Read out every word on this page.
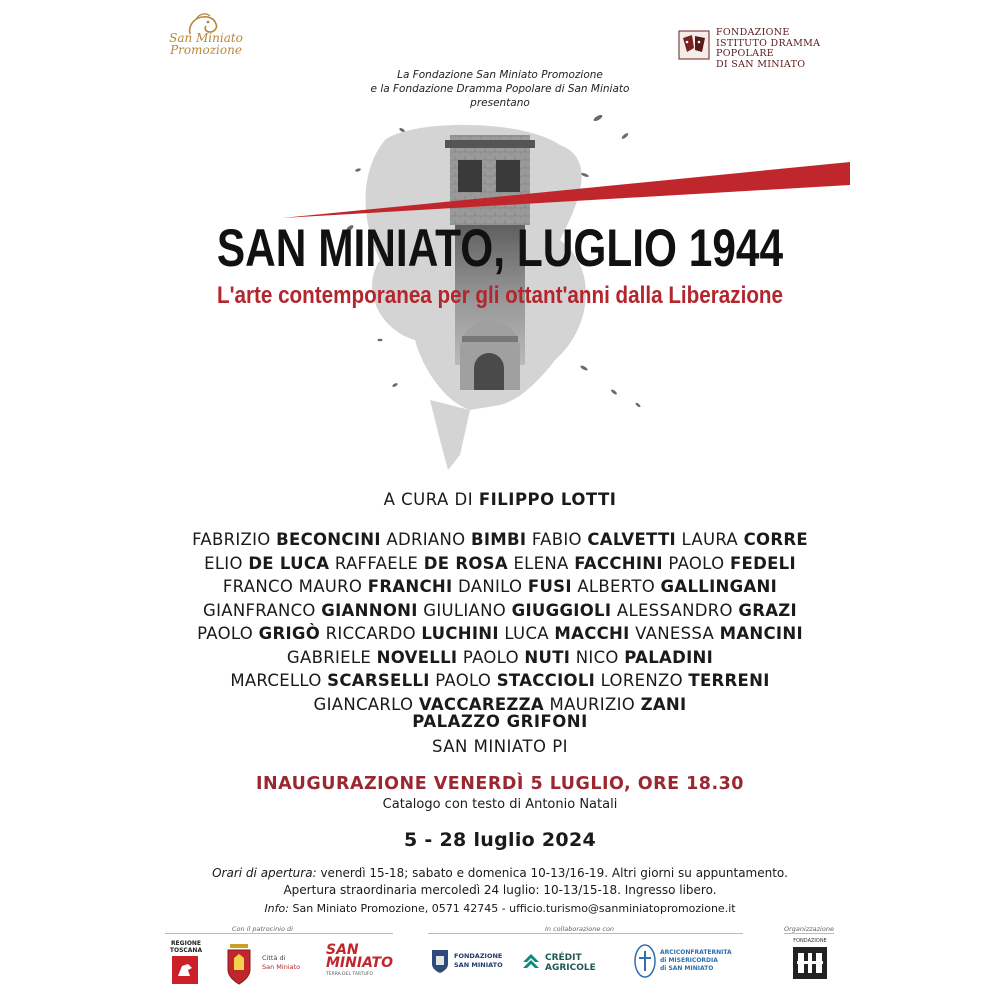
San Miniato
Promozione
FONDAZIONE
ISTITUTO DRAMMA POPOLARE
DI SAN MINIATO
La Fondazione San Miniato Promozione
e la Fondazione Dramma Popolare di San Miniato
presentano
SAN MINIATO, LUGLIO 1944
L'arte contemporanea per gli ottant'anni dalla Liberazione
A CURA DI FILIPPO LOTTI
FABRIZIO BECONCINI ADRIANO BIMBI FABIO CALVETTI LAURA CORRE
ELIO DE LUCA RAFFAELE DE ROSA ELENA FACCHINI PAOLO FEDELI
FRANCO MAURO FRANCHI DANILO FUSI ALBERTO GALLINGANI
GIANFRANCO GIANNONI GIULIANO GIUGGIOLI ALESSANDRO GRAZI
PAOLO GRIGÒ RICCARDO LUCHINI LUCA MACCHI VANESSA MANCINI
GABRIELE NOVELLI PAOLO NUTI NICO PALADINI
MARCELLO SCARSELLI PAOLO STACCIOLI LORENZO TERRENI
GIANCARLO VACCAREZZA MAURIZIO ZANI
PALAZZO GRIFONI
SAN MINIATO PI
INAUGURAZIONE VENERDÌ 5 LUGLIO, ORE 18.30
Catalogo con testo di Antonio Natali
5 - 28 luglio 2024
Orari di apertura: venerdì 15-18; sabato e domenica 10-13/16-19. Altri giorni su appuntamento.
Apertura straordinaria mercoledì 24 luglio: 10-13/15-18. Ingresso libero.
Info: San Miniato Promozione, 0571 42745 - ufficio.turismo@sanminiatopromozione.it
Con il patrocinio di	In collaborazione con	Organizzazione
REGIONE
TOSCANA
Città di
San Miniato
SAN
MINIATO
TERRA DEL TARTUFO
FONDAZIONE
SAN MINIATO
CRÉDIT
AGRICOLE
ARCICONFRATERNITA
di MISERICORDIA
di SAN MINIATO
FONDAZIONE
